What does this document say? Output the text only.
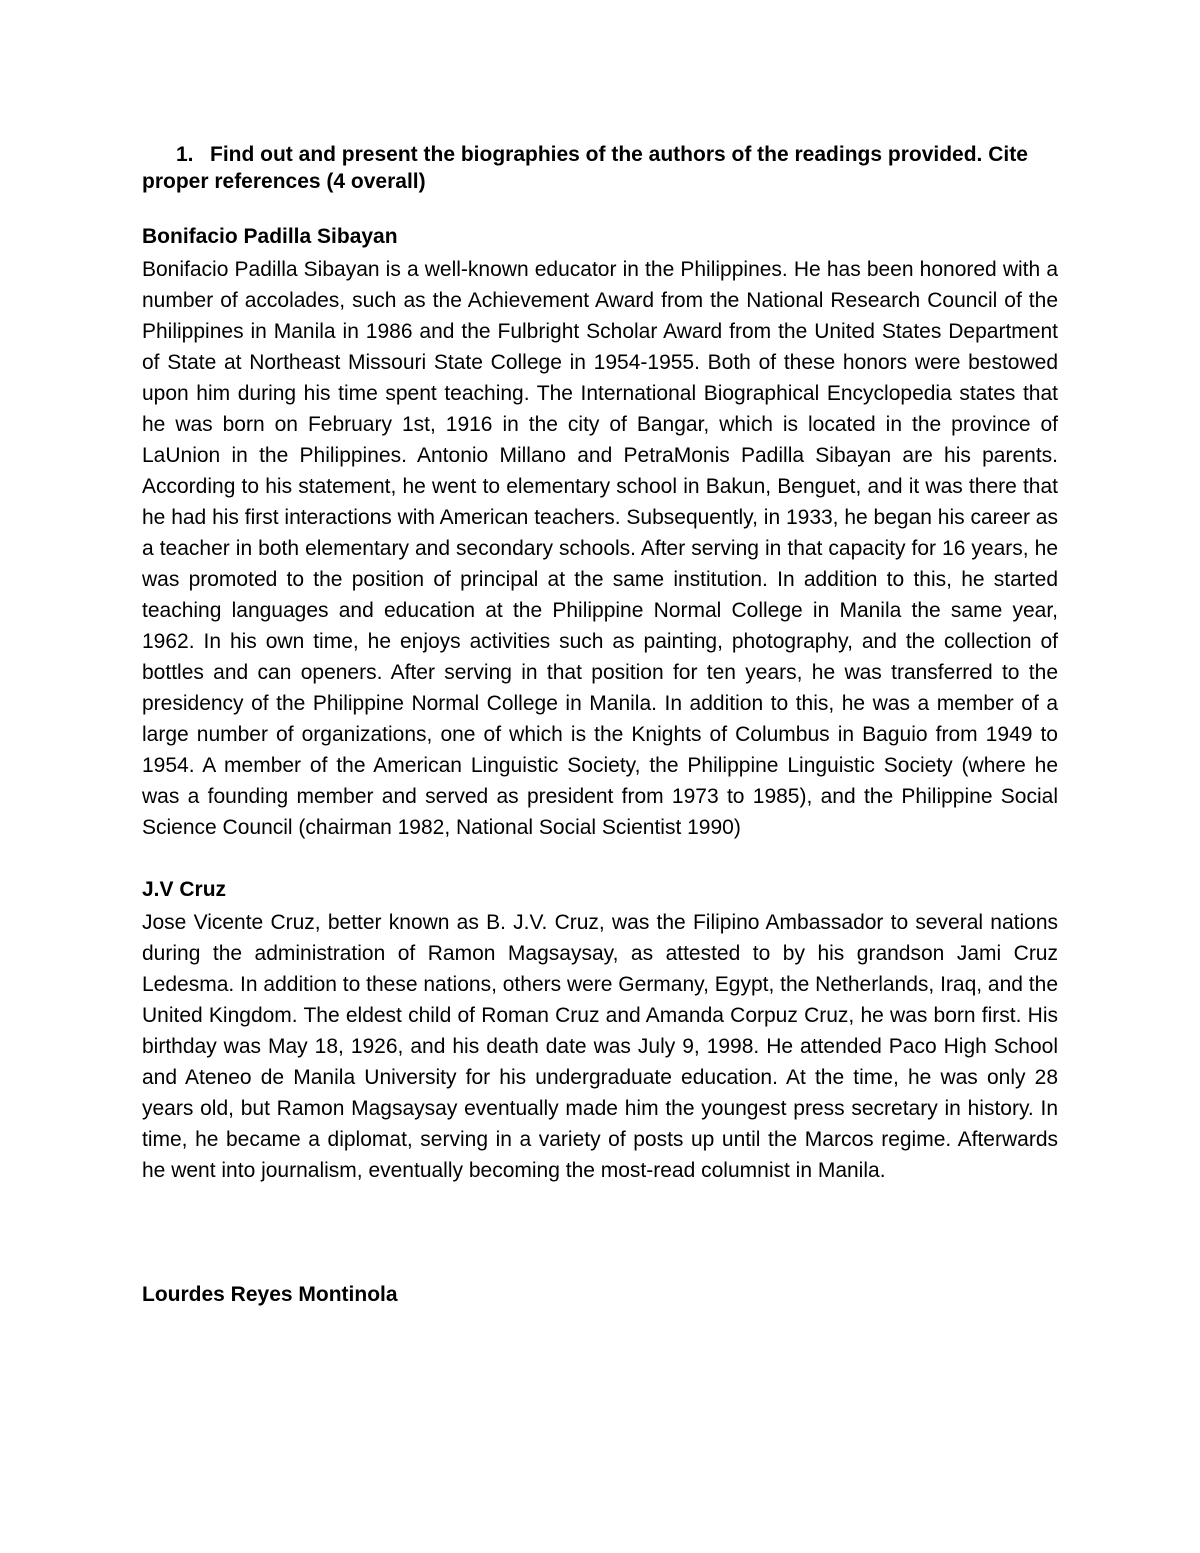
1. Find out and present the biographies of the authors of the readings provided. Cite proper references (4 overall)
Bonifacio Padilla Sibayan

Bonifacio Padilla Sibayan is a well-known educator in the Philippines. He has been honored with a number of accolades, such as the Achievement Award from the National Research Council of the Philippines in Manila in 1986 and the Fulbright Scholar Award from the United States Department of State at Northeast Missouri State College in 1954-1955. Both of these honors were bestowed upon him during his time spent teaching. The International Biographical Encyclopedia states that he was born on February 1st, 1916 in the city of Bangar, which is located in the province of LaUnion in the Philippines. Antonio Millano and PetraMonis Padilla Sibayan are his parents. According to his statement, he went to elementary school in Bakun, Benguet, and it was there that he had his first interactions with American teachers. Subsequently, in 1933, he began his career as a teacher in both elementary and secondary schools. After serving in that capacity for 16 years, he was promoted to the position of principal at the same institution. In addition to this, he started teaching languages and education at the Philippine Normal College in Manila the same year, 1962. In his own time, he enjoys activities such as painting, photography, and the collection of bottles and can openers. After serving in that position for ten years, he was transferred to the presidency of the Philippine Normal College in Manila. In addition to this, he was a member of a large number of organizations, one of which is the Knights of Columbus in Baguio from 1949 to 1954. A member of the American Linguistic Society, the Philippine Linguistic Society (where he was a founding member and served as president from 1973 to 1985), and the Philippine Social Science Council (chairman 1982, National Social Scientist 1990)

J.V Cruz

Jose Vicente Cruz, better known as B. J.V. Cruz, was the Filipino Ambassador to several nations during the administration of Ramon Magsaysay, as attested to by his grandson Jami Cruz Ledesma. In addition to these nations, others were Germany, Egypt, the Netherlands, Iraq, and the United Kingdom. The eldest child of Roman Cruz and Amanda Corpuz Cruz, he was born first. His birthday was May 18, 1926, and his death date was July 9, 1998. He attended Paco High School and Ateneo de Manila University for his undergraduate education. At the time, he was only 28 years old, but Ramon Magsaysay eventually made him the youngest press secretary in history. In time, he became a diplomat, serving in a variety of posts up until the Marcos regime. Afterwards he went into journalism, eventually becoming the most-read columnist in Manila.

Lourdes Reyes Montinola
